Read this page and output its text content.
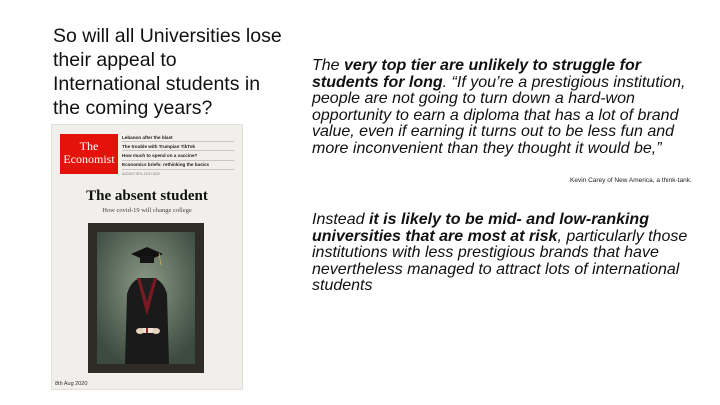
So will all Universities lose their appeal to International students in the coming years?
The very top tier are unlikely to struggle for students for long. “If you’re a prestigious institution, people are not going to turn down a hard-won opportunity to earn a diploma that has a lot of brand value, even if earning it turns out to be less fun and more inconvenient than they thought it would be,”
Kevin Carey of New America, a think-tank.
Instead it is likely to be mid- and low-ranking universities that are most at risk, particularly those institutions with less prestigious brands that have nevertheless managed to attract lots of international students
The
Economist
Lebanon after the blast
The trouble with Trumpian TikTok
How much to spend on a vaccine?
Economics briefs: rethinking the basics
AUGUST 8TH–14TH 2020
The absent student
How covid-19 will change college
8th Aug 2020
